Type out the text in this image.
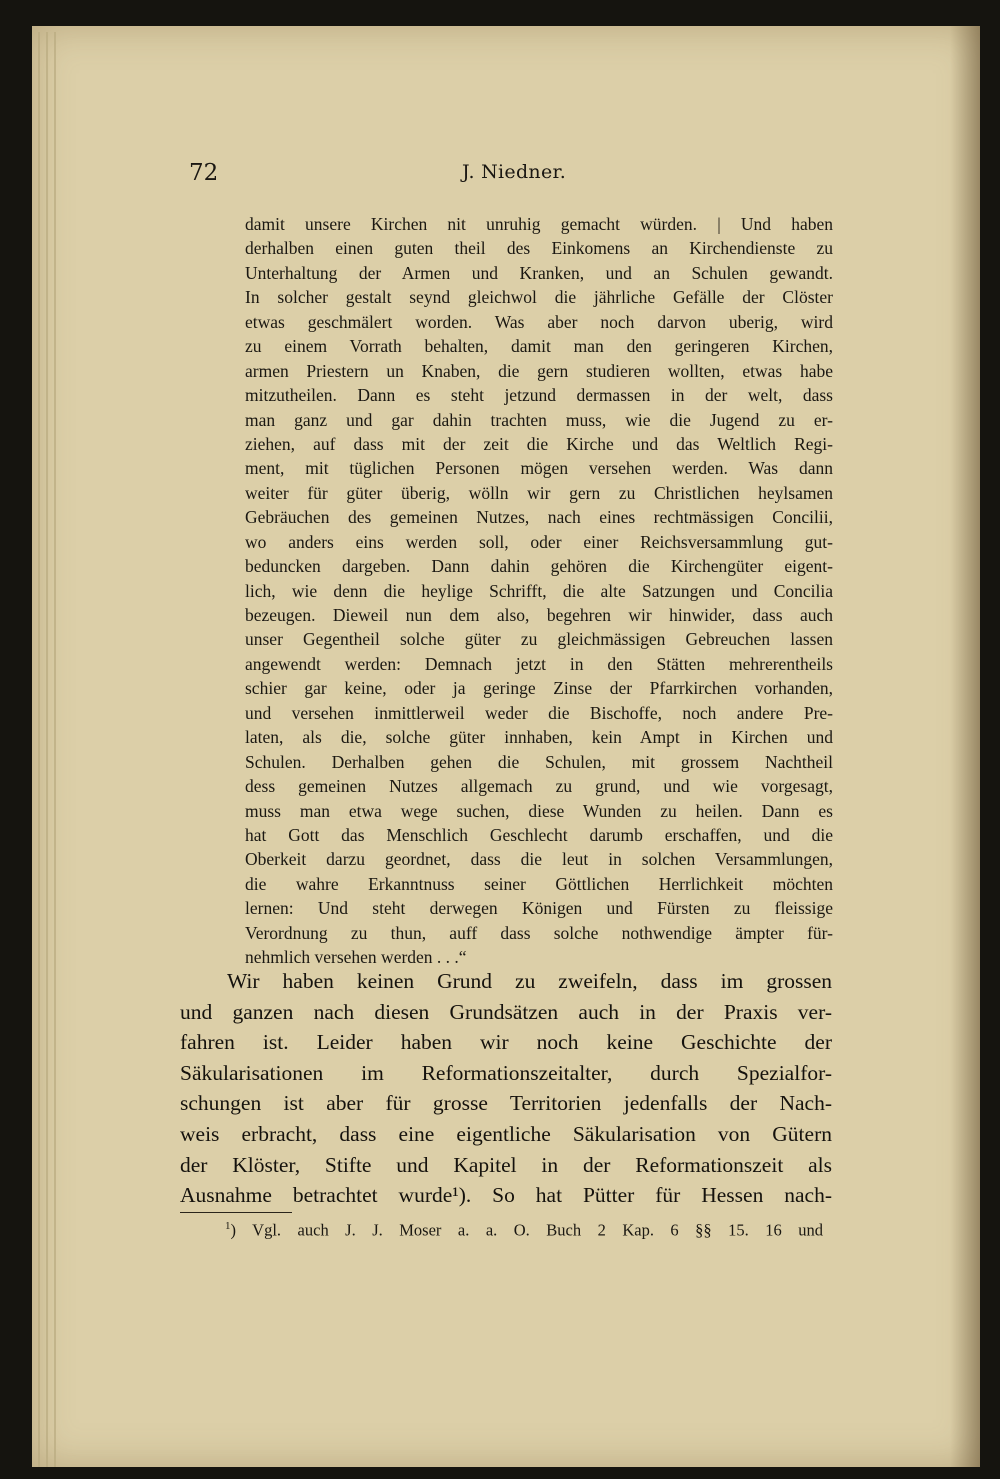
72	J. Niedner.
damit unsere Kirchen nit unruhig gemacht würden. | Und haben
derhalben einen guten theil des Einkomens an Kirchendienste zu
Unterhaltung der Armen und Kranken, und an Schulen gewandt.
In solcher gestalt seynd gleichwol die jährliche Gefälle der Clöster
etwas geschmälert worden. Was aber noch darvon uberig, wird
zu einem Vorrath behalten, damit man den geringeren Kirchen,
armen Priestern un Knaben, die gern studieren wollten, etwas habe
mitzutheilen. Dann es steht jetzund dermassen in der welt, dass
man ganz und gar dahin trachten muss, wie die Jugend zu er-
ziehen, auf dass mit der zeit die Kirche und das Weltlich Regi-
ment, mit tüglichen Personen mögen versehen werden. Was dann
weiter für güter überig, wölln wir gern zu Christlichen heylsamen
Gebräuchen des gemeinen Nutzes, nach eines rechtmässigen Concilii,
wo anders eins werden soll, oder einer Reichsversammlung gut-
beduncken dargeben. Dann dahin gehören die Kirchengüter eigent-
lich, wie denn die heylige Schrifft, die alte Satzungen und Concilia
bezeugen. Dieweil nun dem also, begehren wir hinwider, dass auch
unser Gegentheil solche güter zu gleichmässigen Gebreuchen lassen
angewendt werden: Demnach jetzt in den Stätten mehrerentheils
schier gar keine, oder ja geringe Zinse der Pfarrkirchen vorhanden,
und versehen inmittlerweil weder die Bischoffe, noch andere Pre-
laten, als die, solche güter innhaben, kein Ampt in Kirchen und
Schulen. Derhalben gehen die Schulen, mit grossem Nachtheil
dess gemeinen Nutzes allgemach zu grund, und wie vorgesagt,
muss man etwa wege suchen, diese Wunden zu heilen. Dann es
hat Gott das Menschlich Geschlecht darumb erschaffen, und die
Oberkeit darzu geordnet, dass die leut in solchen Versammlungen,
die wahre Erkanntnuss seiner Göttlichen Herrlichkeit möchten
lernen: Und steht derwegen Königen und Fürsten zu fleissige
Verordnung zu thun, auff dass solche nothwendige ämpter für-
nehmlich versehen werden . . .“
Wir haben keinen Grund zu zweifeln, dass im grossen
und ganzen nach diesen Grundsätzen auch in der Praxis ver-
fahren ist. Leider haben wir noch keine Geschichte der
Säkularisationen im Reformationszeitalter, durch Spezialfor-
schungen ist aber für grosse Territorien jedenfalls der Nach-
weis erbracht, dass eine eigentliche Säkularisation von Gütern
der Klöster, Stifte und Kapitel in der Reformationszeit als
Ausnahme betrachtet wurde¹). So hat Pütter für Hessen nach-
$^1$) Vgl. auch J. J. Moser a. a. O. Buch 2 Kap. 6 §§ 15. 16 und
